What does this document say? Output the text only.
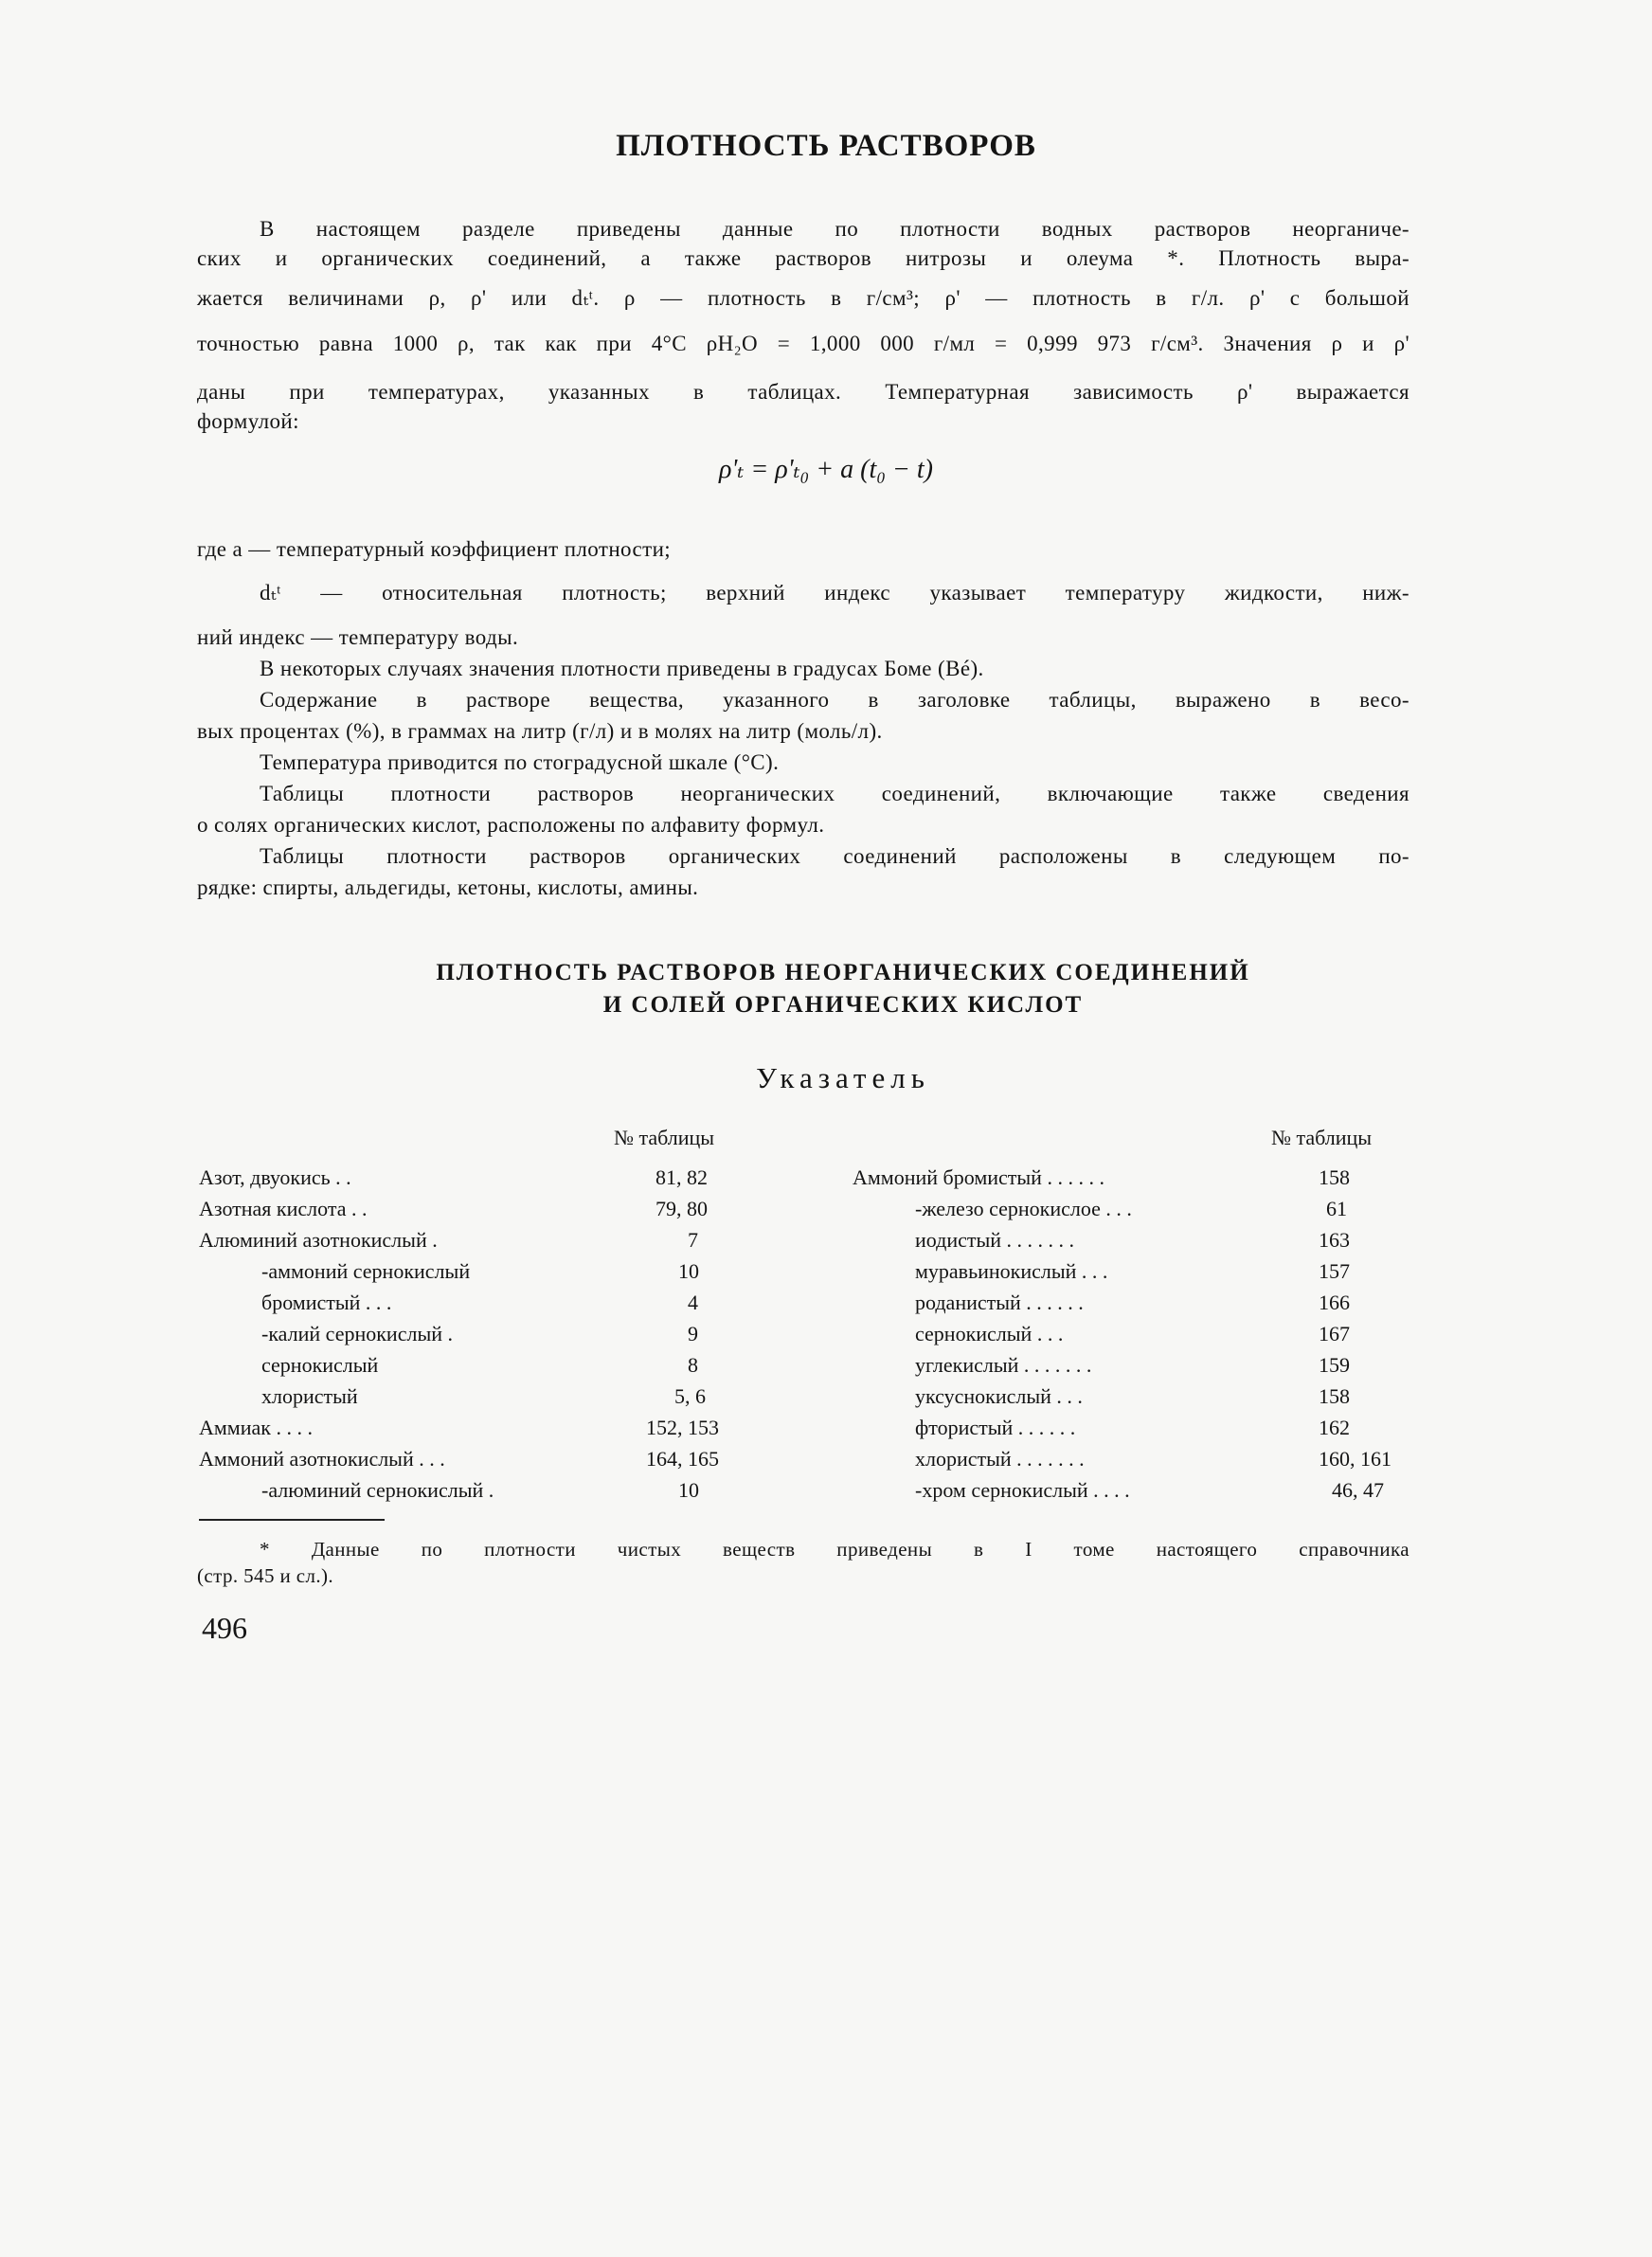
ПЛОТНОСТЬ РАСТВОРОВ
В настоящем разделе приведены данные по плотности водных растворов неорганиче-
ских и органических соединений, а также растворов нитрозы и олеума *. Плотность выра-
жается величинами ρ, ρ' или dₜᵗ. ρ — плотность в г/см³; ρ' — плотность в г/л. ρ' с большой
точностью равна 1000 ρ, так как при 4°С ρH₂O = 1,000 000 г/мл = 0,999 973 г/см³. Значения ρ и ρ'
даны при температурах, указанных в таблицах. Температурная зависимость ρ' выражается
формулой:
ρ'ₜ = ρ'ₜ₀ + a (t₀ − t)
где a — температурный коэффициент плотности;
dₜᵗ — относительная плотность; верхний индекс указывает температуру жидкости, ниж-
ний индекс — температуру воды.
В некоторых случаях значения плотности приведены в градусах Боме (Bé).
Содержание в растворе вещества, указанного в заголовке таблицы, выражено в весо-
вых процентах (%), в граммах на литр (г/л) и в молях на литр (моль/л).
Температура приводится по стоградусной шкале (°С).
Таблицы плотности растворов неорганических соединений, включающие также сведения
о солях органических кислот, расположены по алфавиту формул.
Таблицы плотности растворов органических соединений расположены в следующем по-
рядке: спирты, альдегиды, кетоны, кислоты, амины.
ПЛОТНОСТЬ РАСТВОРОВ НЕОРГАНИЧЕСКИХ СОЕДИНЕНИЙ
И СОЛЕЙ ОРГАНИЧЕСКИХ КИСЛОТ
Указатель
№ таблицы	№ таблицы
Азот, двуокись . .	81, 82
Азотная кислота . .	79, 80
Алюминий азотнокислый .	7
-аммоний сернокислый	10
бромистый . . .	4
-калий сернокислый .	9
сернокислый	8
хлористый	5, 6
Аммиак . . . .	152, 153
Аммоний азотнокислый . . .	164, 165
-алюминий сернокислый .	10
Аммоний бромистый . . . . . .	158
-железо сернокислое . . .	61
иодистый . . . . . . .	163
муравьинокислый . . .	157
роданистый . . . . . .	166
сернокислый . . .	167
углекислый . . . . . . .	159
уксуснокислый . . .	158
фтористый . . . . . .	162
хлористый . . . . . . .	160, 161
-хром сернокислый . . . .	46, 47
* Данные по плотности чистых веществ приведены в I томе настоящего справочника
(стр. 545 и сл.).
496
